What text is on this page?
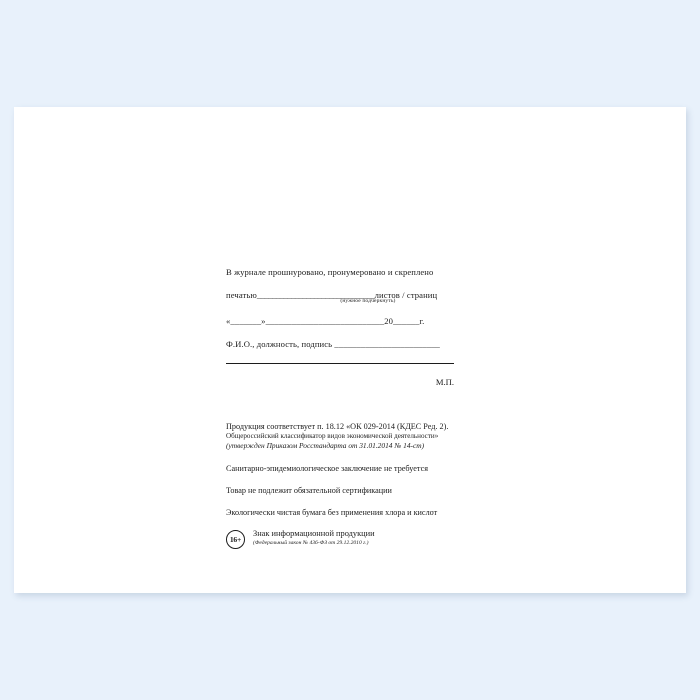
В журнале прошнуровано, пронумеровано и скреплено
печатью_______________________________
(нужное подчеркнуть)
листов / страниц
«_______»___________________________20______г.
Ф.И.О., должность, подпись ________________________
М.П.
Продукция соответствует п. 18.12 «ОК 029-2014 (КДЕС Ред. 2).
Общероссийский классификатор видов экономической деятельности»
(утвержден Приказом Росстандарта от 31.01.2014 № 14-ст)
Санитарно-эпидемиологическое заключение не требуется
Товар не подлежит обязательной сертификации
Экологически чистая бумага без применения хлора и кислот
16+
Знак информационной продукции
(Федеральный закон № 436-ФЗ от 29.12.2010 г.)
